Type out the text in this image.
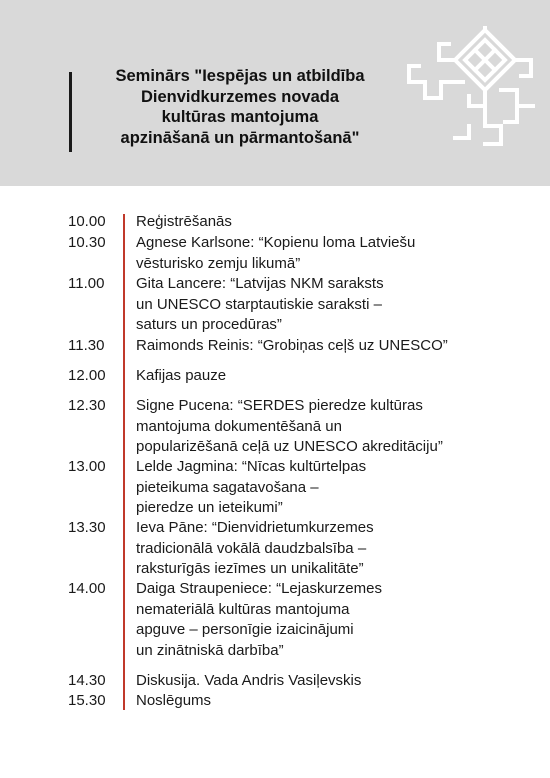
Seminārs "Iespējas un atbildība
Dienvidkurzemes novada
kultūras mantojuma
apzināšanā un pārmantošanā"
10.00	Reģistrēšanās
10.30	Agnese Karlsone: “Kopienu loma Latviešu
vēsturisko zemju likumā”
11.00	Gita Lancere: “Latvijas NKM saraksts
un UNESCO starptautiskie saraksti –
saturs un procedūras”
11.30	Raimonds Reinis: “Grobiņas ceļš uz UNESCO”
12.00	Kafijas pauze
12.30	Signe Pucena: “SERDES pieredze kultūras
mantojuma dokumentēšanā un
popularizēšanā ceļā uz UNESCO akreditāciju”
13.00	Lelde Jagmina: “Nīcas kultūrtelpas
pieteikuma sagatavošana –
pieredze un ieteikumi”
13.30	Ieva Pāne: “Dienvidrietumkurzemes
tradicionālā vokālā daudzbalsība –
raksturīgās iezīmes un unikalitāte”
14.00	Daiga Straupeniece: “Lejaskurzemes
nemateriālā kultūras mantojuma
apguve – personīgie izaicinājumi
un zinātniskā darbība”
14.30	Diskusija. Vada Andris Vasiļevskis
15.30	Noslēgums
